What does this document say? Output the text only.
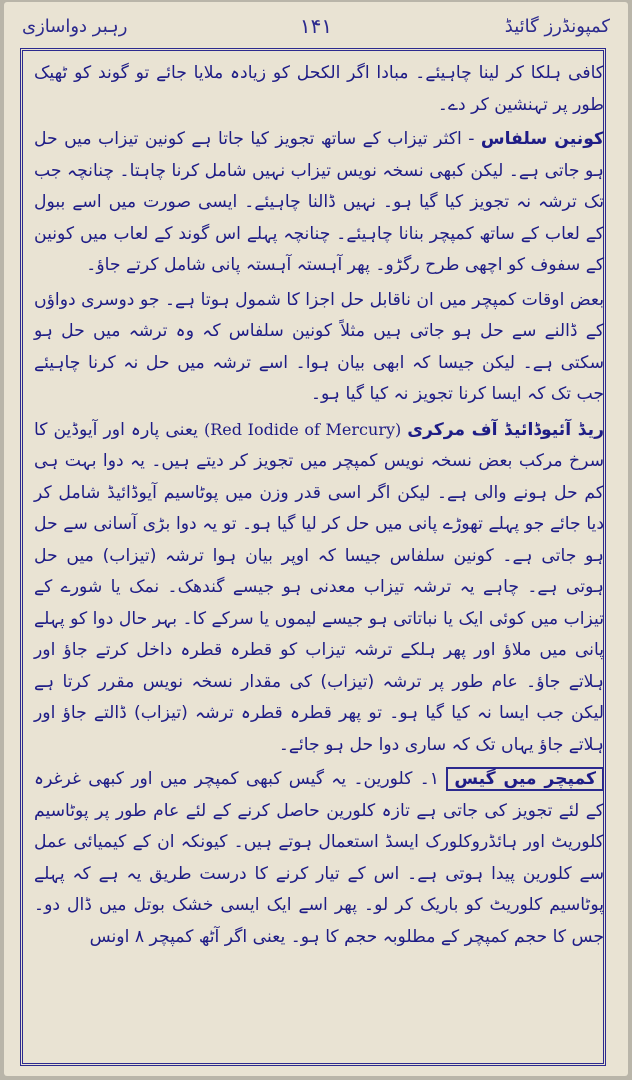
کمپونڈرز گائیڈ
۱۴۱
رہبر دواسازی

کافی ہلکا کر لینا چاہیئے۔ مبادا اگر الکحل کو زیادہ ملایا جائے تو گوند کو ٹھیک طور پر تہنشین کر دے۔

کونین سلفاس - اکثر تیزاب کے ساتھ تجویز کیا جاتا ہے کونین تیزاب میں حل ہو جاتی ہے۔ لیکن کبھی نسخہ نویس تیزاب نہیں شامل کرنا چاہتا۔ چنانچہ جب تک ترشہ نہ تجویز کیا گیا ہو۔ نہیں ڈالنا چاہیئے۔ ایسی صورت میں اسے ببول کے لعاب کے ساتھ کمپچر بنانا چاہیئے۔ چنانچہ پہلے اس گوند کے لعاب میں کونین کے سفوف کو اچھی طرح رگڑو۔ پھر آہستہ آہستہ پانی شامل کرتے جاؤ۔

بعض اوقات کمپچر میں ان ناقابل حل اجزا کا شمول ہوتا ہے۔ جو دوسری دواؤں کے ڈالنے سے حل ہو جاتی ہیں مثلاً کونین سلفاس کہ وہ ترشہ میں حل ہو سکتی ہے۔ لیکن جیسا کہ ابھی بیان ہوا۔ اسے ترشہ میں حل نہ کرنا چاہیئے جب تک کہ ایسا کرنا تجویز نہ کیا گیا ہو۔

ریڈ آئیوڈائیڈ آف مرکری (Red Iodide of Mercury) یعنی پارہ اور آیوڈین کا سرخ مرکب بعض نسخہ نویس کمپچر میں تجویز کر دیتے ہیں۔ یہ دوا بہت ہی کم حل ہونے والی ہے۔ لیکن اگر اسی قدر وزن میں پوٹاسیم آیوڈائیڈ شامل کر دیا جائے جو پہلے تھوڑے پانی میں حل کر لیا گیا ہو۔ تو یہ دوا بڑی آسانی سے حل ہو جاتی ہے۔ کونین سلفاس جیسا کہ اوپر بیان ہوا ترشہ (تیزاب) میں حل ہوتی ہے۔ چاہے یہ ترشہ تیزاب معدنی ہو جیسے گندھک۔ نمک یا شورے کے تیزاب میں کوئی ایک یا نباتاتی ہو جیسے لیموں یا سرکے کا۔ بہر حال دوا کو پہلے پانی میں ملاؤ اور پھر ہلکے ترشہ تیزاب کو قطرہ قطرہ داخل کرتے جاؤ اور ہلاتے جاؤ۔ عام طور پر ترشہ (تیزاب) کی مقدار نسخہ نویس مقرر کرتا ہے لیکن جب ایسا نہ کیا گیا ہو۔ تو پھر قطرہ قطرہ ترشہ (تیزاب) ڈالتے جاؤ اور ہلاتے جاؤ یہاں تک کہ ساری دوا حل ہو جائے۔

کمپچر میں گیس ۱۔ کلورین۔ یہ گیس کبھی کمپچر میں اور کبھی غرغرہ کے لئے تجویز کی جاتی ہے تازہ کلورین حاصل کرنے کے لئے عام طور پر پوٹاسیم کلوریٹ اور ہائڈروکلورک ایسڈ استعمال ہوتے ہیں۔ کیونکہ ان کے کیمیائی عمل سے کلورین پیدا ہوتی ہے۔ اس کے تیار کرنے کا درست طریق یہ ہے کہ پہلے پوٹاسیم کلوریٹ کو باریک کر لو۔ پھر اسے ایک ایسی خشک بوتل میں ڈال دو۔ جس کا حجم کمپچر کے مطلوبہ حجم کا ہو۔ یعنی اگر آٹھ کمپچر ۸ اونس
